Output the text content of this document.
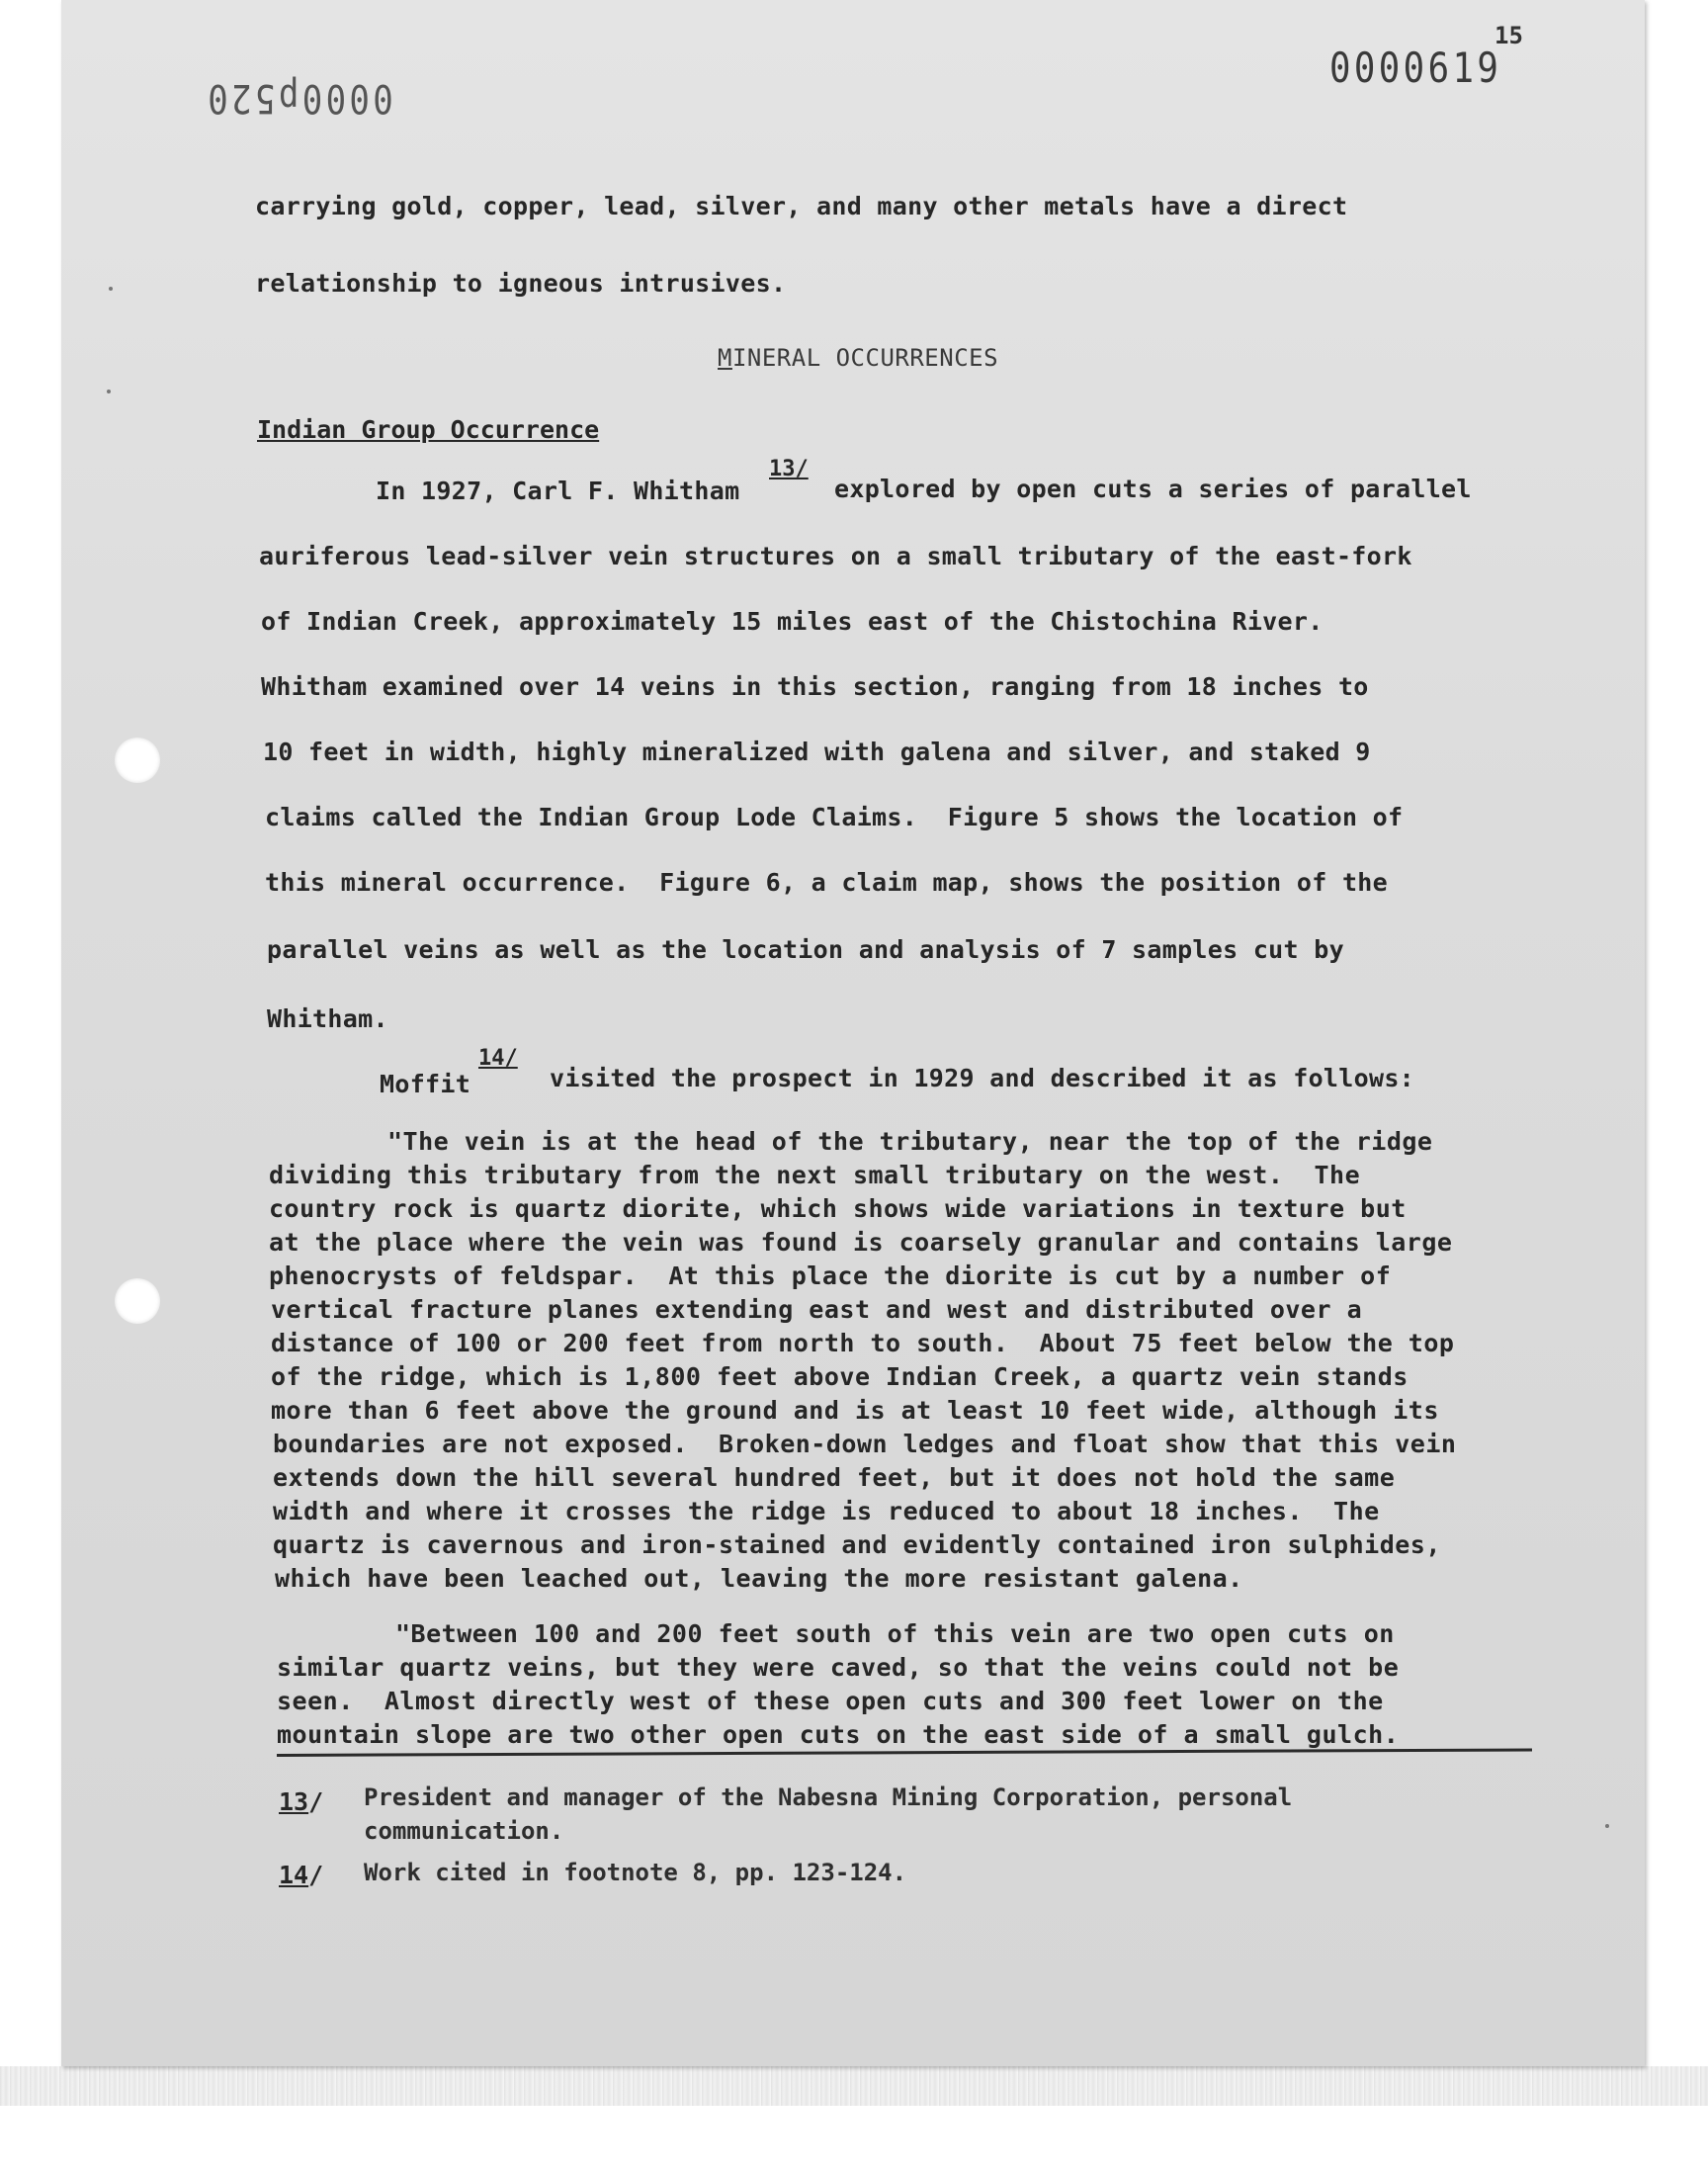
0000p520
15
0000619
carrying gold, copper, lead, silver, and many other metals have a direct
relationship to igneous intrusives.
MINERAL OCCURRENCES
Indian Group Occurrence
In 1927, Carl F. Whitham
13/
explored by open cuts a series of parallel
auriferous lead-silver vein structures on a small tributary of the east-fork
of Indian Creek, approximately 15 miles east of the Chistochina River.
Whitham examined over 14 veins in this section, ranging from 18 inches to
10 feet in width, highly mineralized with galena and silver, and staked 9
claims called the Indian Group Lode Claims.  Figure 5 shows the location of
this mineral occurrence.  Figure 6, a claim map, shows the position of the
parallel veins as well as the location and analysis of 7 samples cut by
Whitham.
Moffit
14/
visited the prospect in 1929 and described it as follows:
"The vein is at the head of the tributary, near the top of the ridge
dividing this tributary from the next small tributary on the west.  The
country rock is quartz diorite, which shows wide variations in texture but
at the place where the vein was found is coarsely granular and contains large
phenocrysts of feldspar.  At this place the diorite is cut by a number of
vertical fracture planes extending east and west and distributed over a
distance of 100 or 200 feet from north to south.  About 75 feet below the top
of the ridge, which is 1,800 feet above Indian Creek, a quartz vein stands
more than 6 feet above the ground and is at least 10 feet wide, although its
boundaries are not exposed.  Broken-down ledges and float show that this vein
extends down the hill several hundred feet, but it does not hold the same
width and where it crosses the ridge is reduced to about 18 inches.  The
quartz is cavernous and iron-stained and evidently contained iron sulphides,
which have been leached out, leaving the more resistant galena.
"Between 100 and 200 feet south of this vein are two open cuts on
similar quartz veins, but they were caved, so that the veins could not be
seen.  Almost directly west of these open cuts and 300 feet lower on the
mountain slope are two other open cuts on the east side of a small gulch.
13/ President and manager of the Nabesna Mining Corporation, personal
communication.
14/ Work cited in footnote 8, pp. 123-124.
